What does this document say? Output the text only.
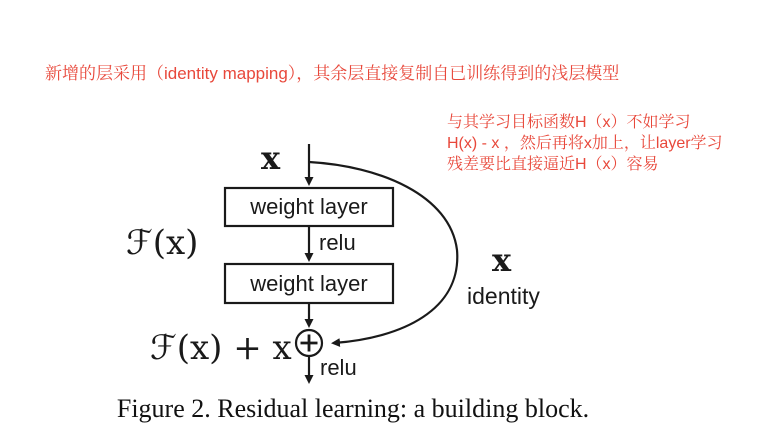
新增的层采用（identity mapping），其余层直接复制自已训练得到的浅层模型
与其学习目标函数H（x）不如学习
H(x) - x ，然后再将x加上，让layer学习
残差要比直接逼近H（x）容易
x
ℱ(x)
weight layer
relu
weight layer
x
identity
ℱ(x) + x relu
Figure 2. Residual learning: a building block.
